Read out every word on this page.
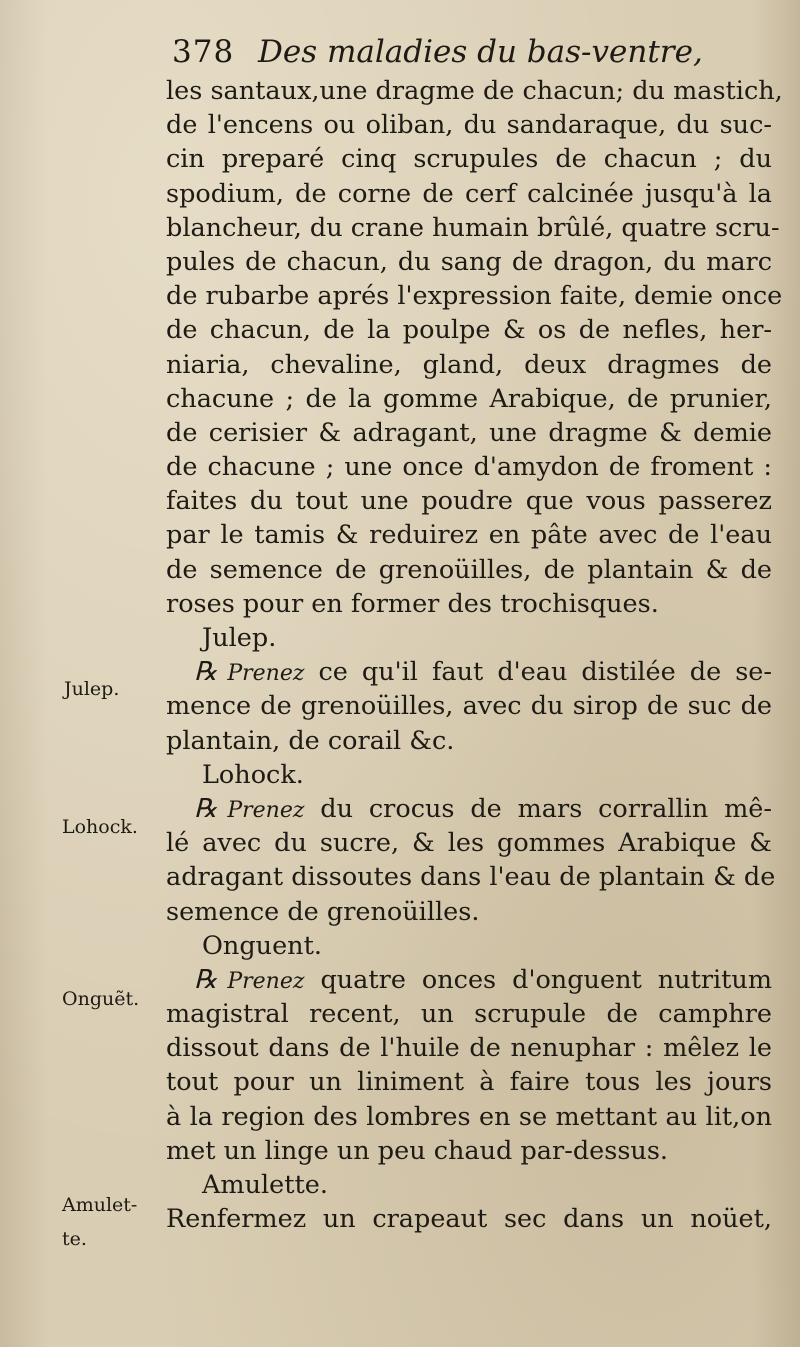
378 Des maladies du bas-ventre,
les santaux,une dragme de chacun; du mastich,
de l'encens ou oliban, du sandaraque, du suc-
cin preparé cinq scrupules de chacun ; du
spodium, de corne de cerf calcinée jusqu'à la
blancheur, du crane humain brûlé, quatre scru-
pules de chacun, du sang de dragon, du marc
de rubarbe aprés l'expression faite, demie once
de chacun, de la poulpe & os de nefles, her-
niaria, chevaline, gland, deux dragmes de
chacune ; de la gomme Arabique, de prunier,
de cerisier & adragant, une dragme & demie
de chacune ; une once d'amydon de froment :
faites du tout une poudre que vous passerez
par le tamis & reduirez en pâte avec de l'eau
de semence de grenoüilles, de plantain & de
roses pour en former des trochisques.
Julep.
℞ Prenez ce qu'il faut d'eau distilée de se-
mence de grenoüilles, avec du sirop de suc de
plantain, de corail &c.
Lohock.
℞ Prenez du crocus de mars corrallin mê-
lé avec du sucre, & les gommes Arabique &
adragant dissoutes dans l'eau de plantain & de
semence de grenoüilles.
Onguent.
℞ Prenez quatre onces d'onguent nutritum
magistral recent, un scrupule de camphre
dissout dans de l'huile de nenuphar : mêlez le
tout pour un liniment à faire tous les jours
à la region des lombres en se mettant au lit,on
met un linge un peu chaud par-dessus.
Amulette.
Renfermez un crapeaut sec dans un noüet,
Julep.
Lohock.
Onguẽt.
Amulet-
te.
